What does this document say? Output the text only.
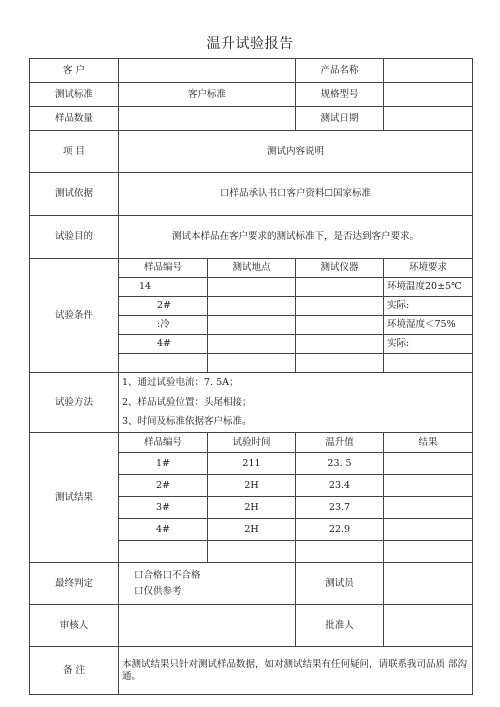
温升试验报告
客 户			产品名称	
测试标准	客户标准		规格型号	
样品数量			测试日期	
项 目	测试内容说明			
测试依据	口样品承认书口客户资料☐国家标准			
试验目的	测试本样品在客户要求的测试标准下，是否达到客户要求。			
试验条件	样品编号	测试地点	测试仪器	环境要求
	14			环境温度20±5℃
	2#			实际:
	:冷			环境湿度＜75%
	4#			实际:

试验方法	1、通过试验电流：7. 5A；			
	2、样品试验位置：头尾相接；			
	3、时间及标准依据客户标准。			
测试结果	样品编号	试验时间	温升值	结果
	1#	211	23. 5	
	2#	2H	23.4	
	3#	2H	23.7	
	4#	2H	22.9	

最终判定	口合格口不合格
口仅供参考		测试员	
审核人			批准人	
备 注	本测试结果只针对测试样品数据，如对测试结果有任何疑问，请联系我司品质 部沟通。			
